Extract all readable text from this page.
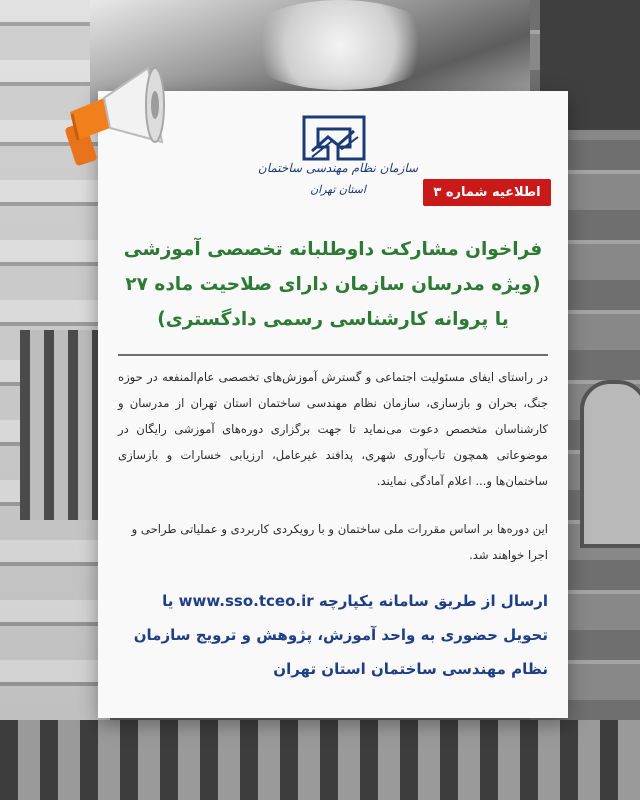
سازمان نظام مهندسی ساختمان
استان تهران	اطلاعیه شماره ۳
فراخوان مشارکت داوطلبانه تخصصی آموزشی
(ویژه مدرسان سازمان دارای صلاحیت ماده ۲۷
یا پروانه کارشناسی رسمی دادگستری)
در راستای ایفای مسئولیت اجتماعی و گسترش آموزش‌های تخصصی عام‌المنفعه در حوزه جنگ، بحران و بازسازی، سازمان نظام مهندسی ساختمان استان تهران از مدرسان و کارشناسان متخصص دعوت می‌نماید تا جهت برگزاری دوره‌های آموزشی رایگان در موضوعاتی همچون تاب‌آوری شهری، پدافند غیرعامل، ارزیابی خسارات و بازسازی ساختمان‌ها و... اعلام آمادگی نمایند.
این دوره‌ها بر اساس مقررات ملی ساختمان و با رویکردی کاربردی و عملیاتی طراحی و اجرا خواهند شد.
ارسال از طریق سامانه یکپارچه www.sso.tceo.ir یا تحویل حضوری به واحد آموزش، پژوهش و ترویج سازمان نظام مهندسی ساختمان استان تهران
